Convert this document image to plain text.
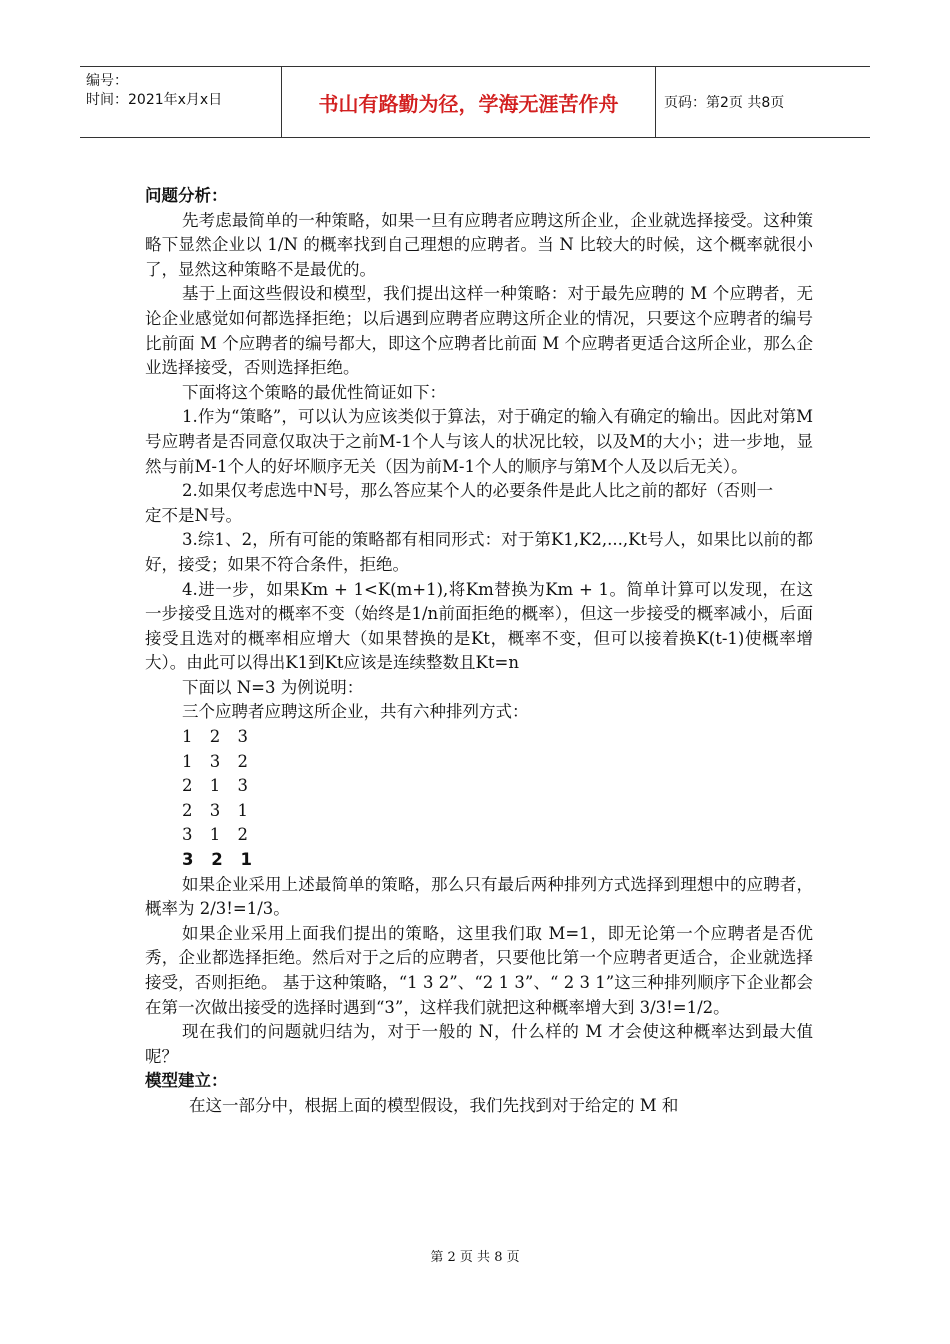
编号：
时间：2021年x月x日	书山有路勤为径，学海无涯苦作舟	页码：第2页 共8页

问题分析：

先考虑最简单的一种策略，如果一旦有应聘者应聘这所企业，企业就选择接受。这种策略下显然企业以 1/N 的概率找到自己理想的应聘者。当 N 比较大的时候，这个概率就很小了，显然这种策略不是最优的。

基于上面这些假设和模型，我们提出这样一种策略：对于最先应聘的 M 个应聘者，无论企业感觉如何都选择拒绝；以后遇到应聘者应聘这所企业的情况，只要这个应聘者的编号比前面 M 个应聘者的编号都大，即这个应聘者比前面 M 个应聘者更适合这所企业，那么企业选择接受，否则选择拒绝。

下面将这个策略的最优性简证如下：

1.作为“策略”，可以认为应该类似于算法，对于确定的输入有确定的输出。因此对第M号应聘者是否同意仅取决于之前M-1个人与该人的状况比较，以及M的大小；进一步地，显然与前M-1个人的好坏顺序无关（因为前M-1个人的顺序与第M个人及以后无关）。

2.如果仅考虑选中N号，那么答应某个人的必要条件是此人比之前的都好（否则一

定不是N号。

3.综1、2，所有可能的策略都有相同形式：对于第K1,K2,...,Kt号人，如果比以前的都好，接受；如果不符合条件，拒绝。

4.进一步，如果Km + 1<K(m+1),将Km替换为Km + 1。简单计算可以发现，在这一步接受且选对的概率不变（始终是1/n前面拒绝的概率），但这一步接受的概率减小，后面接受且选对的概率相应增大（如果替换的是Kt，概率不变，但可以接着换K(t-1)使概率增大）。由此可以得出K1到Kt应该是连续整数且Kt=n

下面以 N=3 为例说明：

三个应聘者应聘这所企业，共有六种排列方式：

1 2 3

1 3 2

2 1 3

2 3 1

3 1 2

3 2 1

如果企业采用上述最简单的策略，那么只有最后两种排列方式选择到理想中的应聘者，概率为 2/3!=1/3。

如果企业采用上面我们提出的策略，这里我们取 M=1，即无论第一个应聘者是否优秀，企业都选择拒绝。然后对于之后的应聘者，只要他比第一个应聘者更适合，企业就选择接受，否则拒绝。 基于这种策略，“1 3 2”、“2 1 3”、“ 2 3 1”这三种排列顺序下企业都会在第一次做出接受的选择时遇到“3”，这样我们就把这种概率增大到 3/3!=1/2。

现在我们的问题就归结为，对于一般的 N，什么样的 M 才会使这种概率达到最大值呢？

模型建立：

在这一部分中，根据上面的模型假设，我们先找到对于给定的 M 和

第 2 页 共 8 页
